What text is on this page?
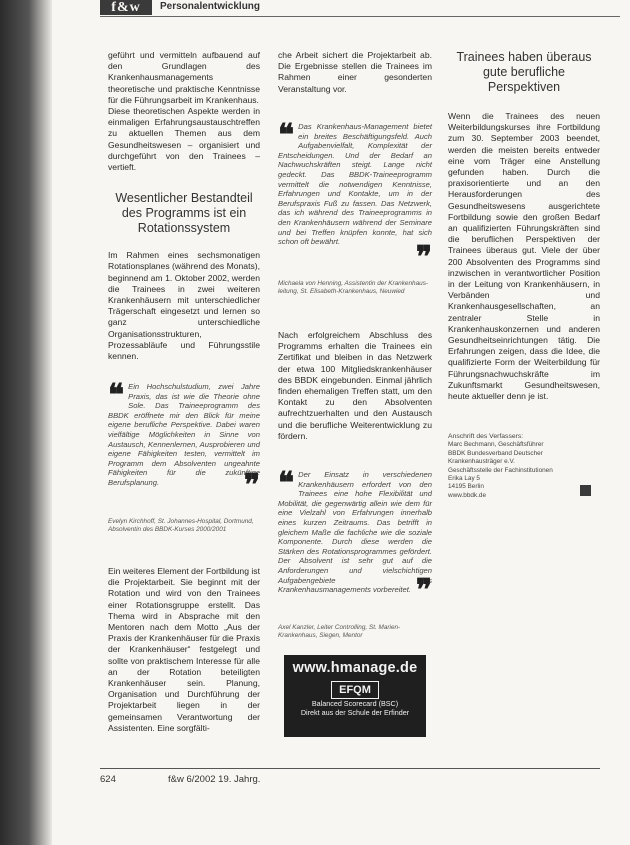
f&w	Personalentwicklung

geführt und vermitteln aufbauend auf den Grundlagen des Krankenhausmanagements theoretische und praktische Kenntnisse für die Führungsarbeit im Krankenhaus.

Diese theoretischen Aspekte werden in einmaligen Erfahrungsaustauschtreffen zu aktuellen Themen aus dem Gesundheitswesen – organisiert und durchgeführt von den Trainees – vertieft.

Wesentlicher Bestandteil des Programms ist ein Rotationssystem

Im Rahmen eines sechsmonatigen Rotationsplanes (während des Monats), beginnend am 1. Oktober 2002, werden die Trainees in zwei weiteren Krankenhäusern mit unterschiedlicher Trägerschaft eingesetzt und lernen so ganz unterschiedliche Organisationsstrukturen, Prozessabläufe und Führungsstile kennen.

❝ Ein Hochschulstudium, zwei Jahre Praxis, das ist wie die Theorie ohne Sole. Das Traineeprogramm des BBDK eröffnete mir den Blick für meine eigene berufliche Perspektive. Dabei waren vielfältige Möglichkeiten in Sinne von Austausch, Kennenlernen, Ausprobieren und eigene Fähigkeiten testen, vermittelt im Programm dem Absolventen ungeahnte Fähigkeiten für die zukünftige Berufsplanung.	❞
Evelyn Kirchhoff, St. Johannes-Hospital, Dortmund, Absolventin des BBDK-Kurses 2000/2001

Ein weiteres Element der Fortbildung ist die Projektarbeit. Sie beginnt mit der Rotation und wird von den Trainees einer Rotationsgruppe erstellt. Das Thema wird in Absprache mit den Mentoren nach dem Motto „Aus der Praxis der Krankenhäuser für die Praxis der Krankenhäuser“ festgelegt und sollte von praktischem Interesse für alle an der Rotation beteiligten Krankenhäuser sein. Planung, Organisation und Durchführung der Projektarbeit liegen in der gemeinsamen Verantwortung der Assistenten. Eine sorgfälti-

che Arbeit sichert die Projektarbeit ab. Die Ergebnisse stellen die Trainees im Rahmen einer gesonderten Veranstaltung vor.

❝ Das Krankenhaus-Management bietet ein breites Beschäftigungsfeld. Auch Aufgabenvielfalt, Komplexität der Entscheidungen. Und der Bedarf an Nachwuchskräften steigt. Lange nicht gedeckt. Das BBDK-Traineeprogramm vermittelt die notwendigen Kenntnisse, Erfahrungen und Kontakte, um in der Berufspraxis Fuß zu fassen. Das Netzwerk, das ich während des Traineeprogramms in den Krankenhäusern während der Seminare und bei Treffen knüpfen konnte, hat sich schon oft bewährt.	❞
Michaela von Henning, Assistentin der Krankenhausleitung, St. Elisabeth-Krankenhaus, Neuwied

Nach erfolgreichem Abschluss des Programms erhalten die Trainees ein Zertifikat und bleiben in das Netzwerk der etwa 100 Mitgliedskrankenhäuser des BBDK eingebunden. Einmal jährlich finden ehemaligen Treffen statt, um den Kontakt zu den Absolventen aufrechtzuerhalten und den Austausch und die berufliche Weiterentwicklung zu fördern.

❝ Der Einsatz in verschiedenen Krankenhäusern erfordert von den Trainees eine hohe Flexibilität und Mobilität, die gegenwärtig allein wie dem für eine Vielzahl von Erfahrungen innerhalb eines kurzen Zeitraums. Das betrifft in gleichem Maße die fachliche wie die soziale Komponente. Durch diese werden die Stärken des Rotationsprogrammes gefördert. Der Absolvent ist sehr gut auf die Anforderungen und vielschichtigen Aufgabengebiete des Krankenhausmanagements vorbereitet. ❞
Axel Kanzler, Leiter Controlling, St. Marien-Krankenhaus, Siegen, Mentor
www.hmanage.de
EFQM
Balanced Scorecard (BSC)
Direkt aus der Schule der Erfinder

Trainees haben überaus gute berufliche Perspektiven

Wenn die Trainees des neuen Weiterbildungskurses ihre Fortbildung zum 30. September 2003 beendet, werden die meisten bereits entweder eine vom Träger eine Anstellung gefunden haben. Durch die praxisorientierte und an den Herausforderungen des Gesundheitswesens ausgerichtete Fortbildung sowie den großen Bedarf an qualifizierten Führungskräften sind die beruflichen Perspektiven der Trainees überaus gut. Viele der über 200 Absolventen des Programms sind inzwischen in verantwortlicher Position in der Leitung von Krankenhäusern, in Verbänden und Krankenhausgesellschaften, an zentraler Stelle in Krankenhauskonzernen und anderen Gesundheitseinrichtungen tätig. Die Erfahrungen zeigen, dass die Idee, die qualifizierte Form der Weiterbildung für Führungsnachwuchskräfte im Zukunftsmarkt Gesundheitswesen, heute aktueller denn je ist.

Anschrift des Verfassers:
Marc Bechmann, Geschäftsführer
BBDK Bundesverband Deutscher
Krankenhausträger e.V.
Geschäftsstelle der Fachinstitutionen
Erika Lay 5
14195 Berlin
www.bbdk.de
624	f&w 6/2002 19. Jahrg.
